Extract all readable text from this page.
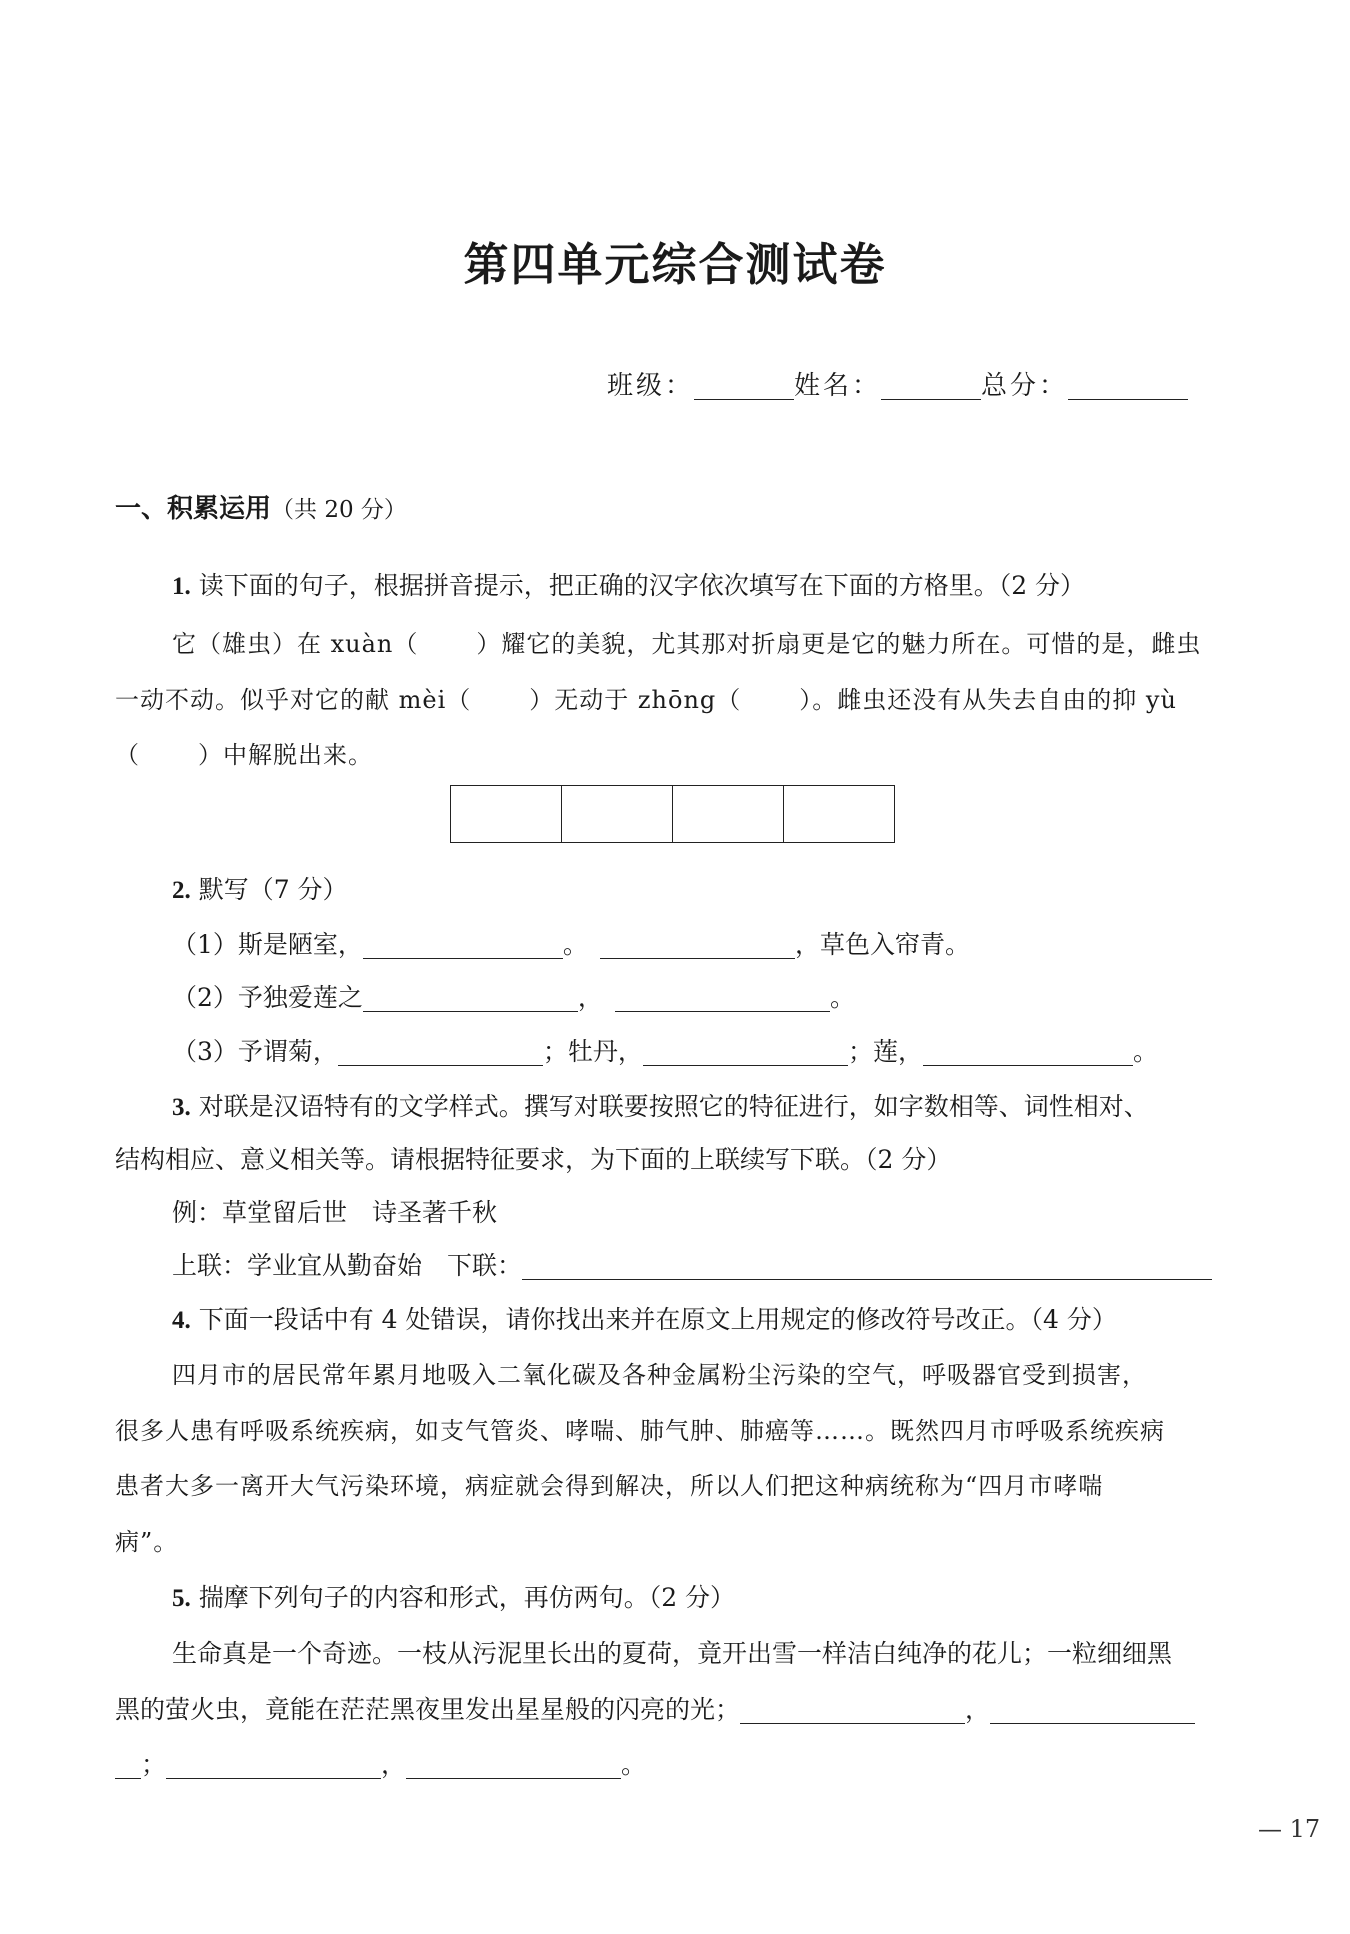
第四单元综合测试卷
班级：	姓名：	总分：
一、积累运用（共 20 分）
1. 读下面的句子，根据拼音提示，把正确的汉字依次填写在下面的方格里。（2 分）
它（雄虫）在 xuàn（ ）耀它的美貌，尤其那对折扇更是它的魅力所在。可惜的是，雌虫
一动不动。似乎对它的献 mèi（ ）无动于 zhōng（ ）。雌虫还没有从失去自由的抑 yù
（ ）中解脱出来。
2. 默写（7 分）
（1）斯是陋室，	。	，草色入帘青。
（2）予独爱莲之	，	。
（3）予谓菊，	；牡丹，	；莲，	。
3. 对联是汉语特有的文学样式。撰写对联要按照它的特征进行，如字数相等、词性相对、
结构相应、意义相关等。请根据特征要求，为下面的上联续写下联。（2 分）
例：草堂留后世　诗圣著千秋
上联：学业宜从勤奋始　下联：
4. 下面一段话中有 4 处错误，请你找出来并在原文上用规定的修改符号改正。（4 分）
四月市的居民常年累月地吸入二氧化碳及各种金属粉尘污染的空气，呼吸器官受到损害，
很多人患有呼吸系统疾病，如支气管炎、哮喘、肺气肿、肺癌等……。既然四月市呼吸系统疾病
患者大多一离开大气污染环境，病症就会得到解决，所以人们把这种病统称为“四月市哮喘
病”。
5. 揣摩下列句子的内容和形式，再仿两句。（2 分）
生命真是一个奇迹。一枝从污泥里长出的夏荷，竟开出雪一样洁白纯净的花儿；一粒细细黑
黑的萤火虫，竟能在茫茫黑夜里发出星星般的闪亮的光；	，
；	，	。
— 17
